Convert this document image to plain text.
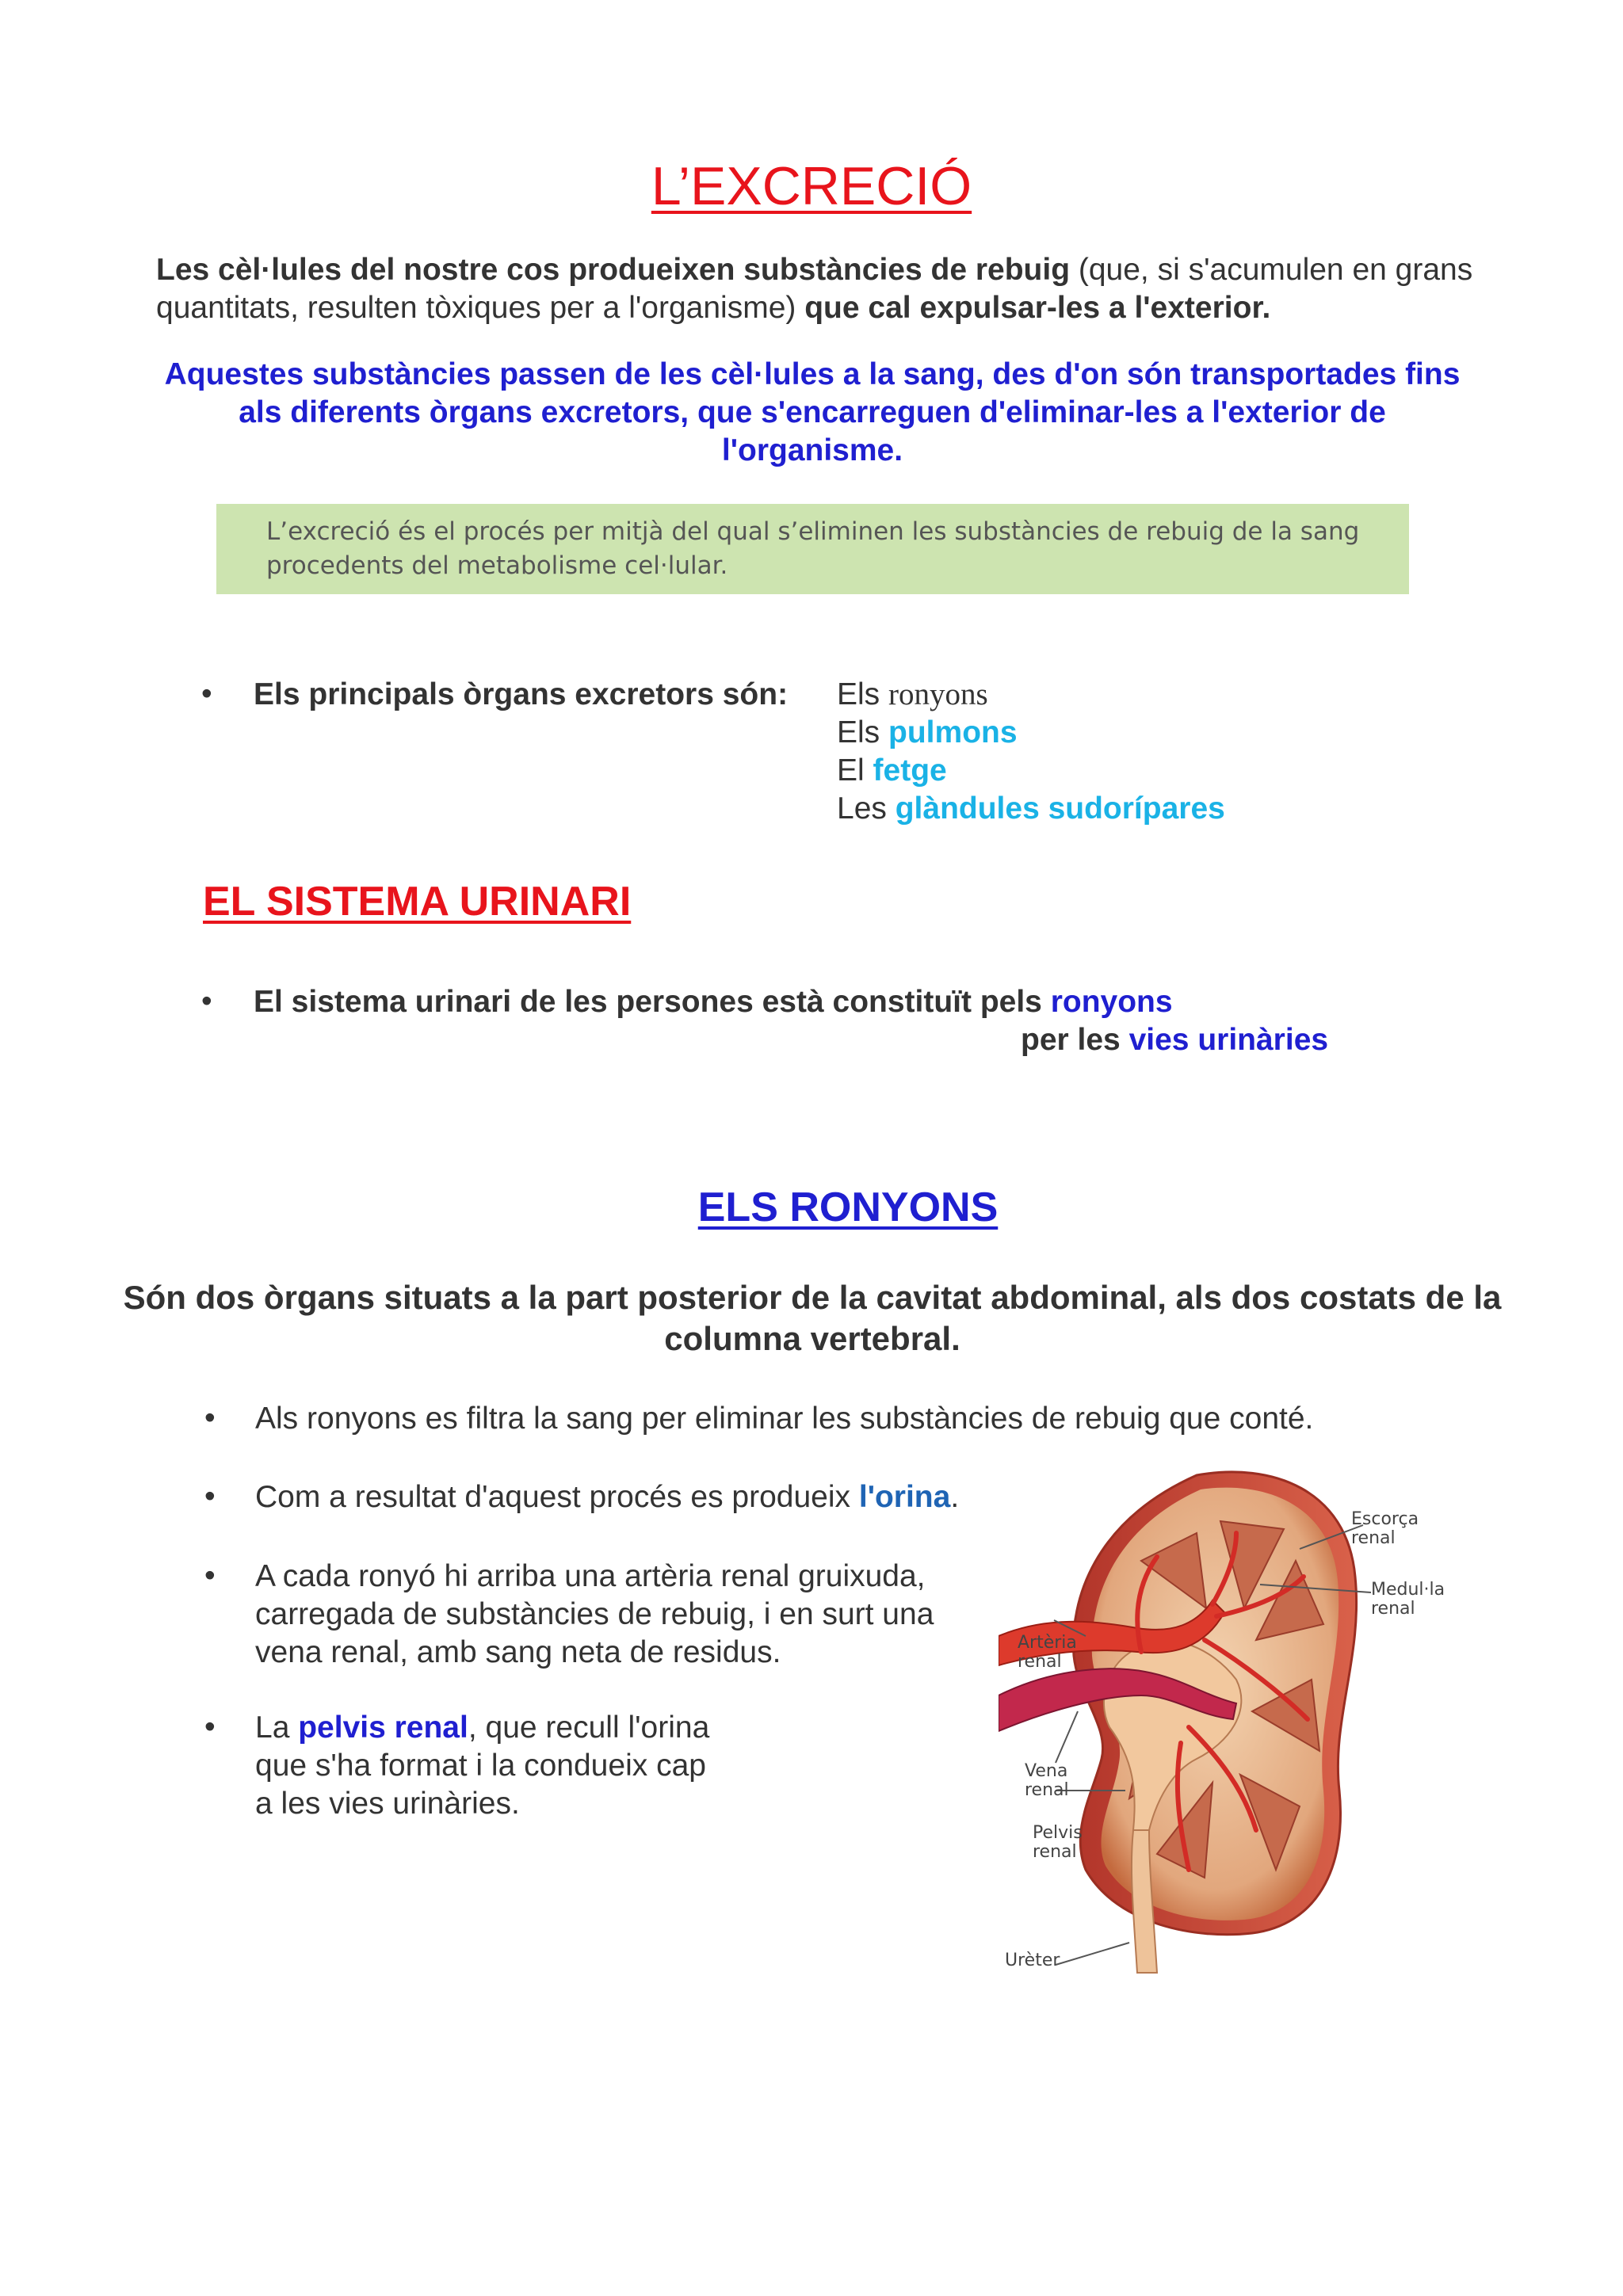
L’EXCRECIÓ

Les cèl·lules del nostre cos produeixen substàncies de rebuig (que, si s'acumulen en grans quantitats, resulten tòxiques per a l'organisme) que cal expulsar-les a l'exterior.

Aquestes substàncies passen de les cèl·lules a la sang, des d'on són transportades fins als diferents òrgans excretors, que s'encarreguen d'eliminar-les a l'exterior de l'organisme.

L’excreció és el procés per mitjà del qual s’eliminen les substàncies de rebuig de la sang
procedents del metabolisme cel·lular.
• Els principals òrgans excretors són: Els ronyons
Els pulmons
El fetge
Les glàndules sudorípares
EL SISTEMA URINARI
• El sistema urinari de les persones està constituït pels ronyons
per les vies urinàries
ELS RONYONS

Són dos òrgans situats a la part posterior de la cavitat abdominal, als dos costats de la columna vertebral.

• Als ronyons es filtra la sang per eliminar les substàncies de rebuig que conté.
• Com a resultat d'aquest procés es produeix l'orina.
• A cada ronyó hi arriba una artèria renal gruixuda,
carregada de substàncies de rebuig, i en surt una
vena renal, amb sang neta de residus.
• La pelvis renal, que recull l'orina
que s'ha format i la condueix cap
a les vies urinàries.
Escorça
renal
Medul·la
renal
Artèria
renal
Vena
renal
Pelvis
renal
Urèter
